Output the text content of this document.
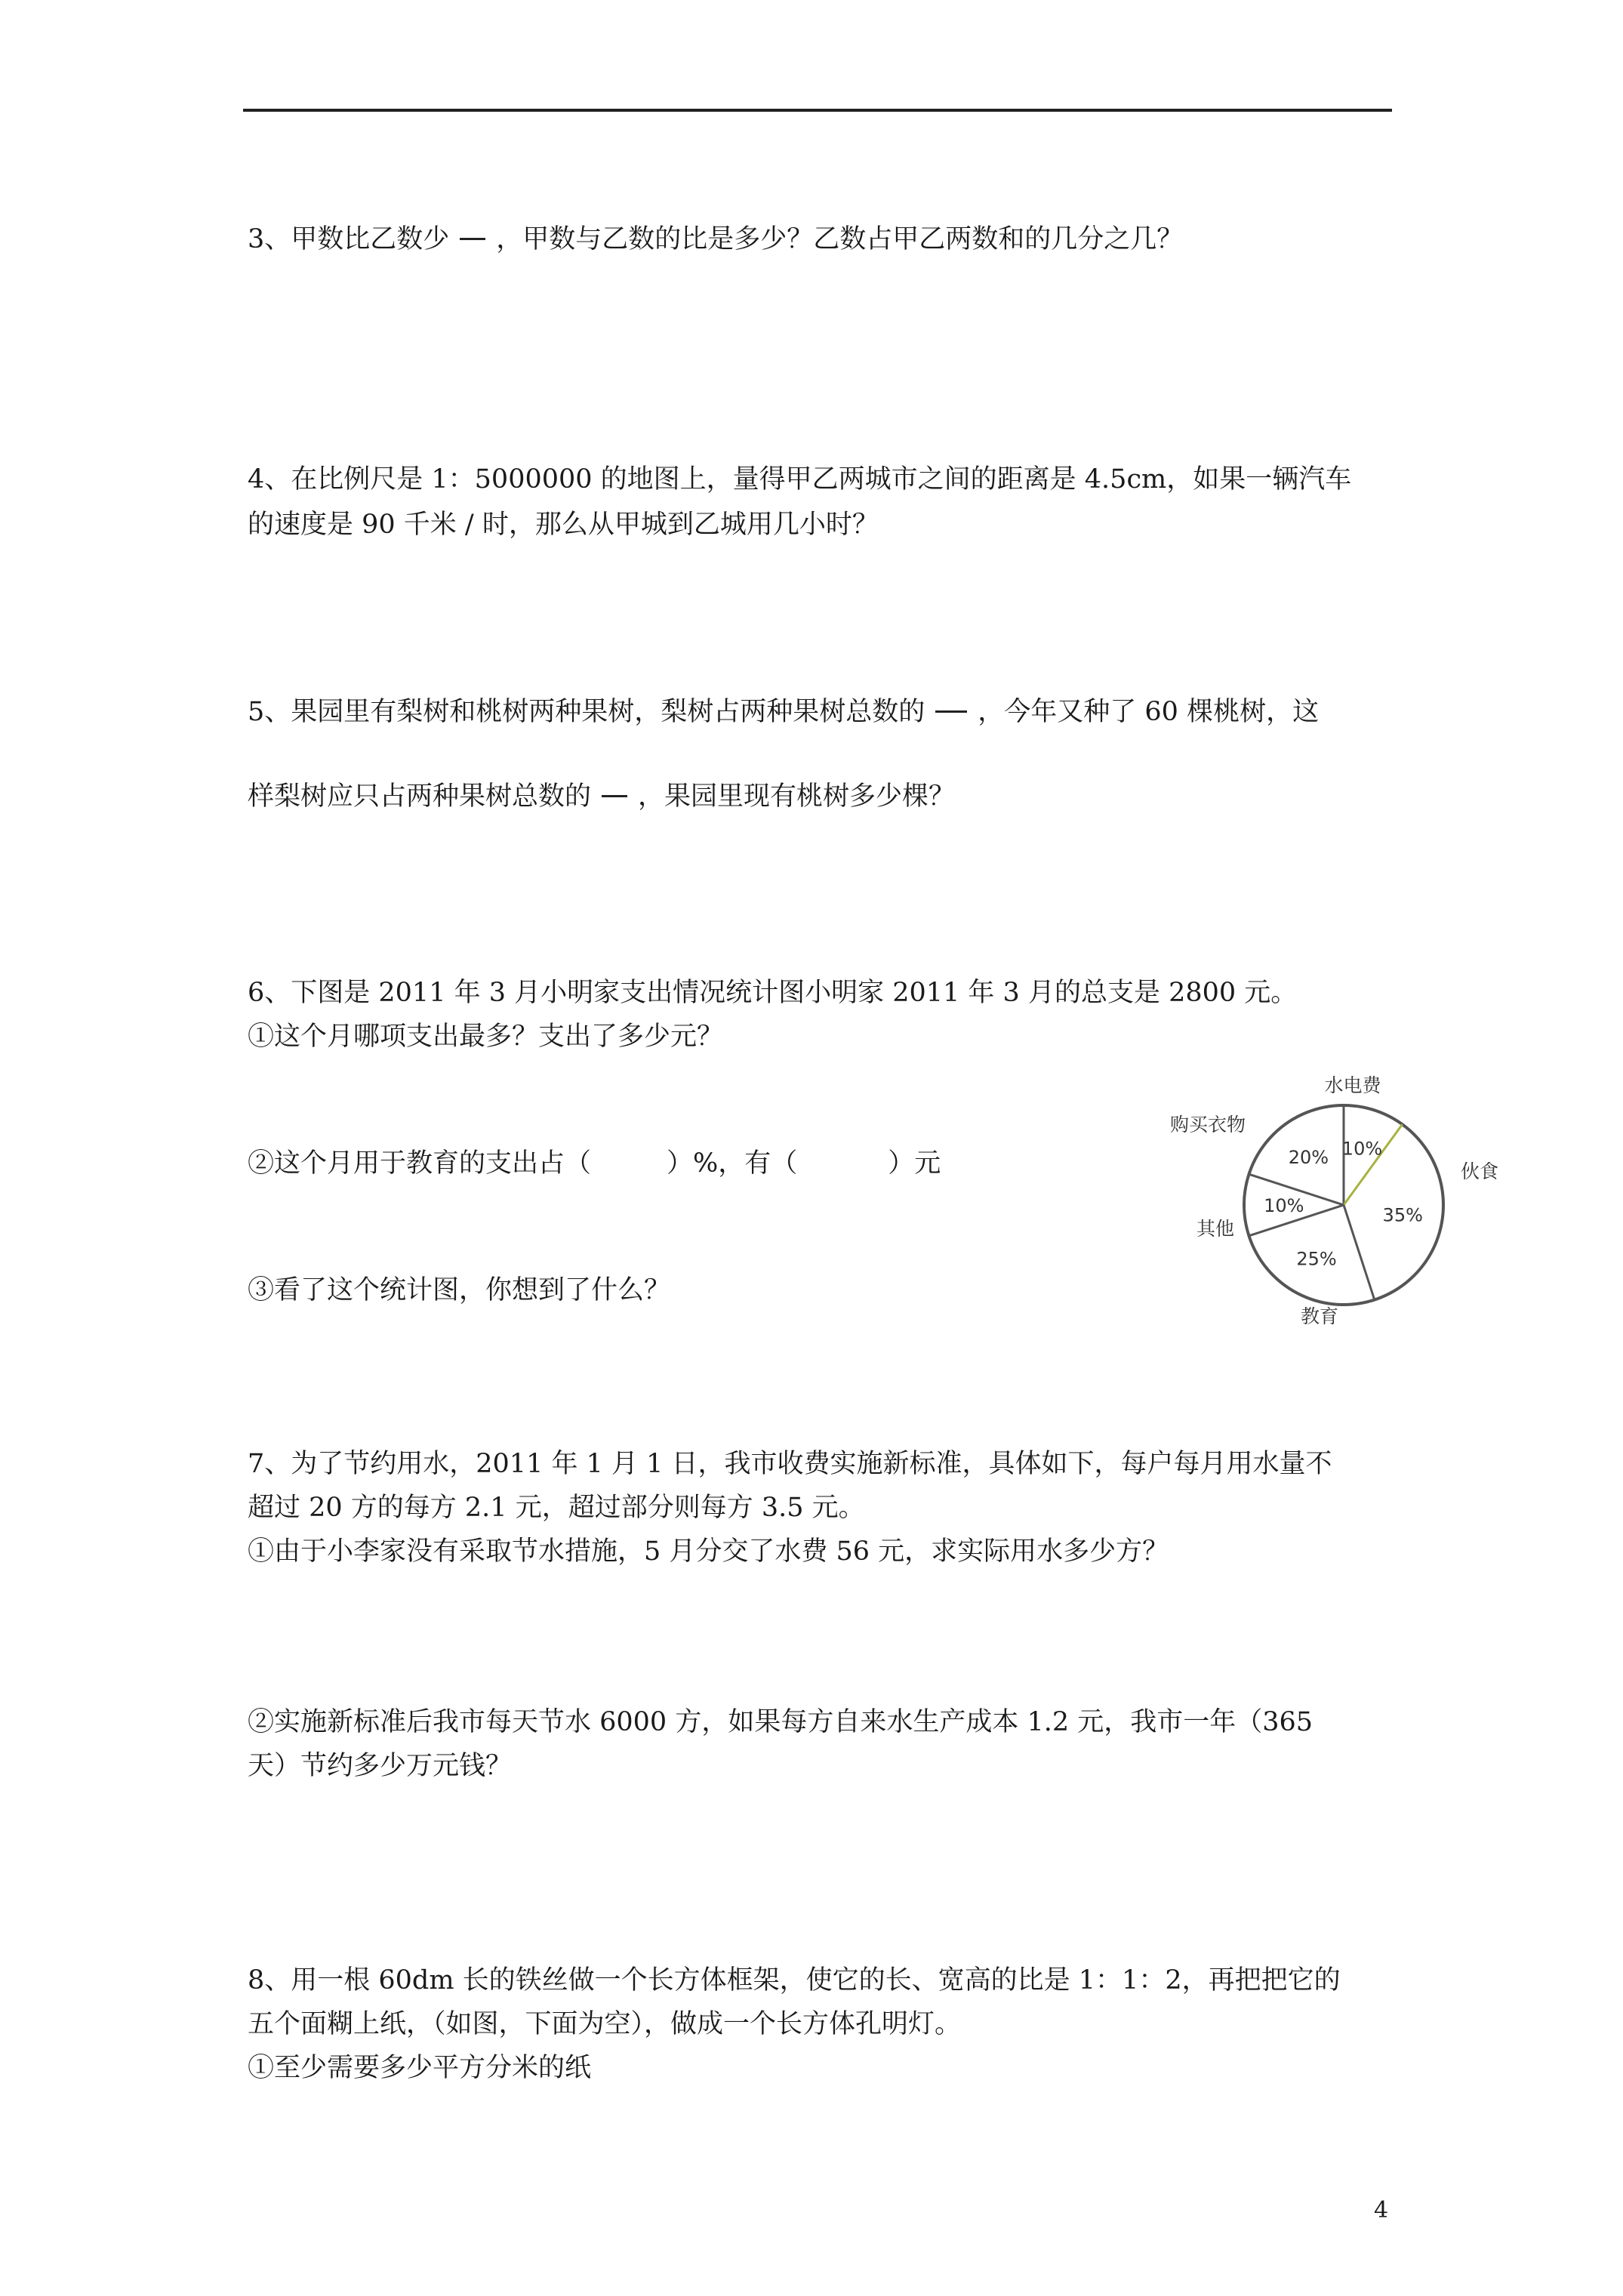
3、甲数比乙数少 ，甲数与乙数的比是多少？乙数占甲乙两数和的几分之几？
4、在比例尺是 1：5000000 的地图上，量得甲乙两城市之间的距离是 4.5cm，如果一辆汽车
的速度是 90 千米 / 时，那么从甲城到乙城用几小时？
5、果园里有梨树和桃树两种果树，梨树占两种果树总数的 ，今年又种了 60 棵桃树，这
样梨树应只占两种果树总数的 ，果园里现有桃树多少棵？
6、下图是 2011 年 3 月小明家支出情况统计图小明家 2011 年 3 月的总支是 2800 元。
①这个月哪项支出最多？支出了多少元？
②这个月用于教育的支出占（	）%，有（	）元
③看了这个统计图，你想到了什么？
10%
水电费
35%
伙食
25%
教育
10%
其他
20%
购买衣物
7、为了节约用水，2011 年 1 月 1 日，我市收费实施新标准，具体如下，每户每月用水量不
超过 20 方的每方 2.1 元，超过部分则每方 3.5 元。
①由于小李家没有采取节水措施，5 月分交了水费 56 元，求实际用水多少方？
②实施新标准后我市每天节水 6000 方，如果每方自来水生产成本 1.2 元，我市一年（365
天）节约多少万元钱？
8、用一根 60dm 长的铁丝做一个长方体框架，使它的长、宽高的比是 1：1：2，再把把它的
五个面糊上纸，（如图，下面为空），做成一个长方体孔明灯。
①至少需要多少平方分米的纸
4
